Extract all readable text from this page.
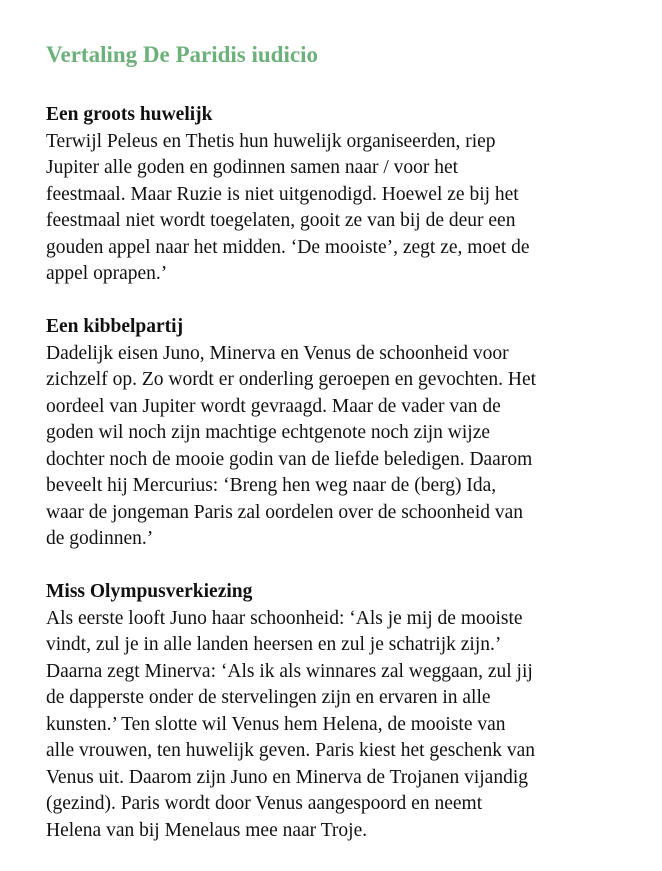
Vertaling De Paridis iudicio
Een groots huwelijk

Terwijl Peleus en Thetis hun huwelijk organiseerden, riep
Jupiter alle goden en godinnen samen naar / voor het
feestmaal. Maar Ruzie is niet uitgenodigd. Hoewel ze bij het
feestmaal niet wordt toegelaten, gooit ze van bij de deur een
gouden appel naar het midden. ‘De mooiste’, zegt ze, moet de
appel oprapen.’

Een kibbelpartij

Dadelijk eisen Juno, Minerva en Venus de schoonheid voor
zichzelf op. Zo wordt er onderling geroepen en gevochten. Het
oordeel van Jupiter wordt gevraagd. Maar de vader van de
goden wil noch zijn machtige echtgenote noch zijn wijze
dochter noch de mooie godin van de liefde beledigen. Daarom
beveelt hij Mercurius: ‘Breng hen weg naar de (berg) Ida,
waar de jongeman Paris zal oordelen over de schoonheid van
de godinnen.’

Miss Olympusverkiezing

Als eerste looft Juno haar schoonheid: ‘Als je mij de mooiste
vindt, zul je in alle landen heersen en zul je schatrijk zijn.’
Daarna zegt Minerva: ‘Als ik als winnares zal weggaan, zul jij
de dapperste onder de stervelingen zijn en ervaren in alle
kunsten.’ Ten slotte wil Venus hem Helena, de mooiste van
alle vrouwen, ten huwelijk geven. Paris kiest het geschenk van
Venus uit. Daarom zijn Juno en Minerva de Trojanen vijandig
(gezind). Paris wordt door Venus aangespoord en neemt
Helena van bij Menelaus mee naar Troje.
